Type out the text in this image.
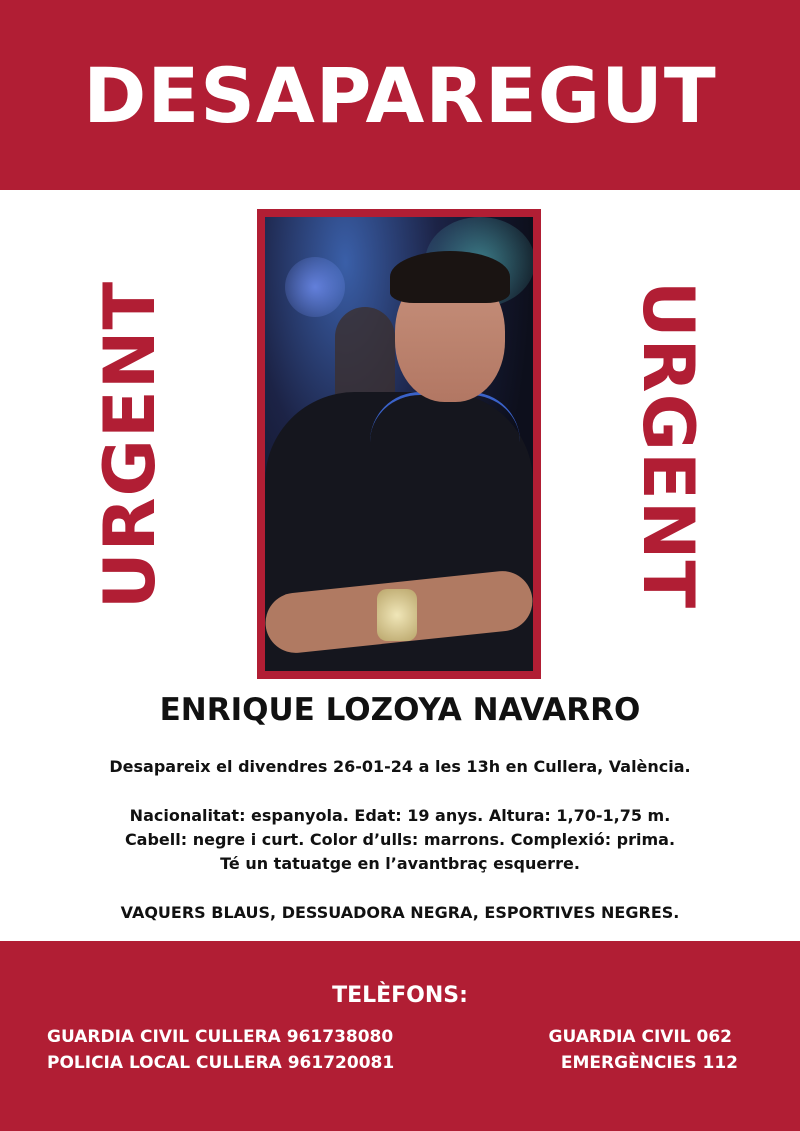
DESAPAREGUT
URGENT	URGENT
ENRIQUE LOZOYA NAVARRO
Desapareix el divendres 26-01-24 a les 13h en Cullera, València.
Nacionalitat: espanyola. Edat: 19 anys. Altura: 1,70-1,75 m.
Cabell: negre i curt. Color d’ulls: marrons. Complexió: prima.
Té un tatuatge en l’avantbraç esquerre.
VAQUERS BLAUS, DESSUADORA NEGRA, ESPORTIVES NEGRES.
TELÈFONS:
GUARDIA CIVIL CULLERA 961738080
POLICIA LOCAL CULLERA 961720081
GUARDIA CIVIL 062
EMERGÈNCIES 112
